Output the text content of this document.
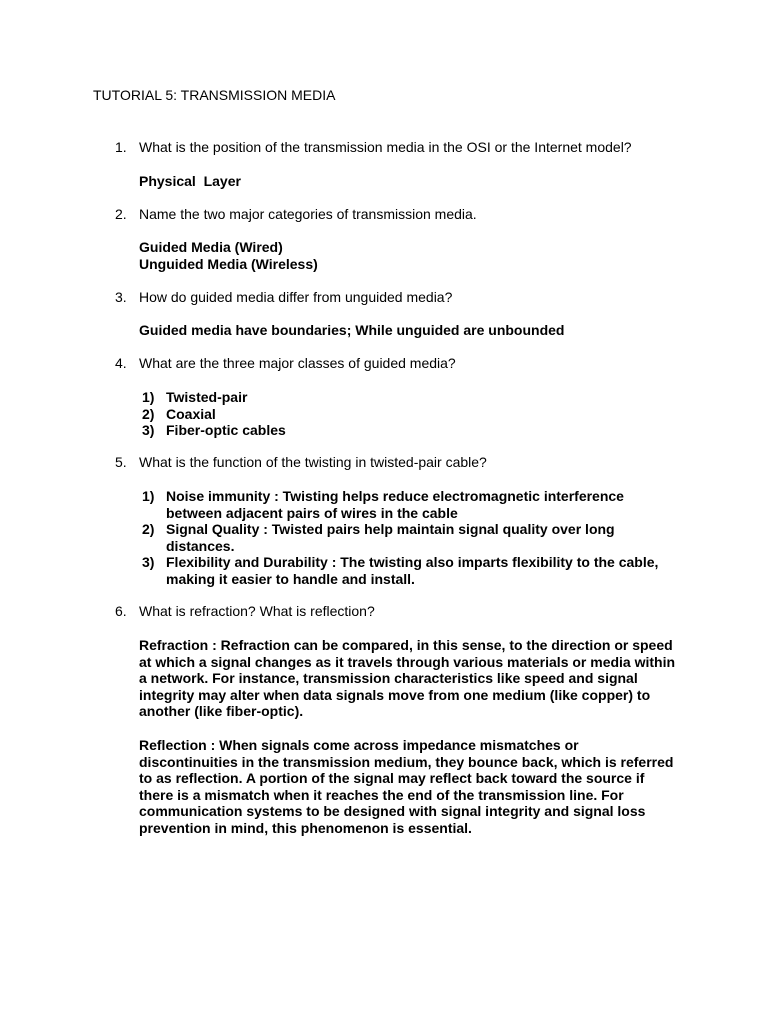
TUTORIAL 5: TRANSMISSION MEDIA
1. What is the position of the transmission media in the OSI or the Internet model?
Physical  Layer
2. Name the two major categories of transmission media.
Guided Media (Wired)
Unguided Media (Wireless)
3. How do guided media differ from unguided media?
Guided media have boundaries; While unguided are unbounded
4. What are the three major classes of guided media?
1) Twisted-pair
2) Coaxial
3) Fiber-optic cables
5. What is the function of the twisting in twisted-pair cable?
1) Noise immunity : Twisting helps reduce electromagnetic interference between adjacent pairs of wires in the cable
2) Signal Quality : Twisted pairs help maintain signal quality over long distances.
3) Flexibility and Durability : The twisting also imparts flexibility to the cable, making it easier to handle and install.
6. What is refraction? What is reflection?
Refraction : Refraction can be compared, in this sense, to the direction or speed at which a signal changes as it travels through various materials or media within a network. For instance, transmission characteristics like speed and signal integrity may alter when data signals move from one medium (like copper) to another (like fiber-optic).
Reflection : When signals come across impedance mismatches or discontinuities in the transmission medium, they bounce back, which is referred to as reflection. A portion of the signal may reflect back toward the source if there is a mismatch when it reaches the end of the transmission line. For communication systems to be designed with signal integrity and signal loss prevention in mind, this phenomenon is essential.
